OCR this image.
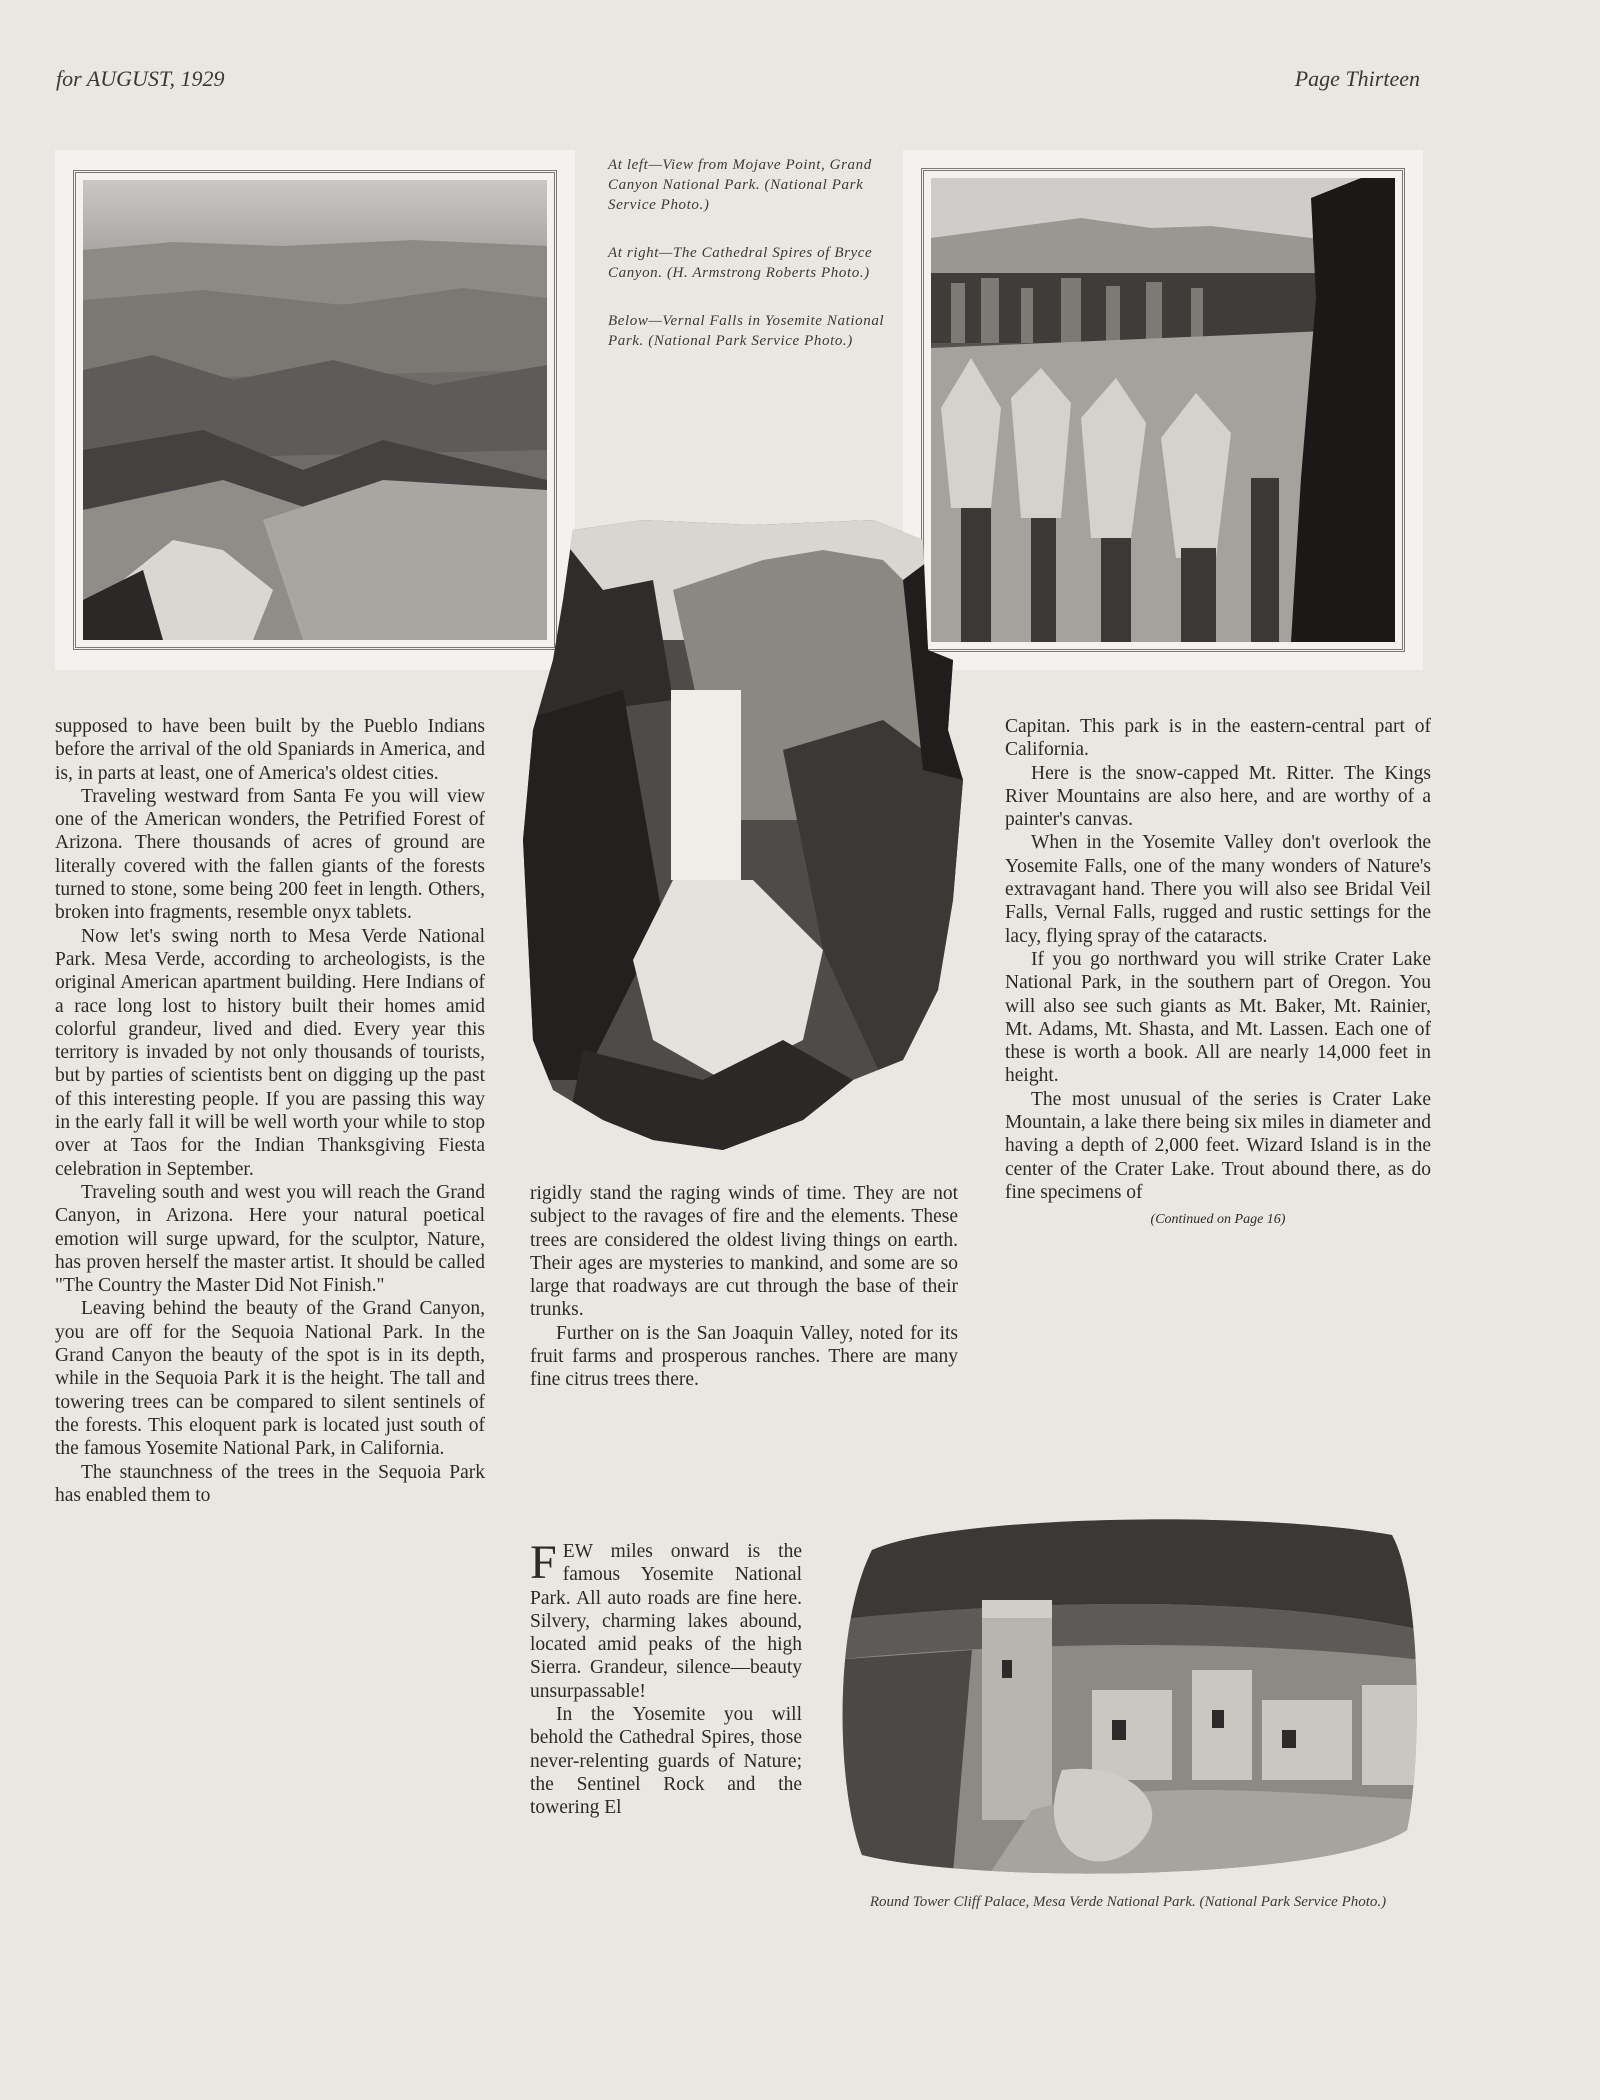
for AUGUST, 1929	Page Thirteen

At left—View from Mojave Point, Grand Canyon National Park. (National Park Service Photo.)

At right—The Cathedral Spires of Bryce Canyon. (H. Armstrong Roberts Photo.)

Below—Vernal Falls in Yosemite National Park. (National Park Service Photo.)

supposed to have been built by the Pueblo Indians before the arrival of the old Spaniards in America, and is, in parts at least, one of America's oldest cities.

Traveling westward from Santa Fe you will view one of the American wonders, the Petrified Forest of Arizona. There thousands of acres of ground are literally covered with the fallen giants of the forests turned to stone, some being 200 feet in length. Others, broken into fragments, resemble onyx tablets.

Now let's swing north to Mesa Verde National Park. Mesa Verde, according to archeologists, is the original American apartment building. Here Indians of a race long lost to history built their homes amid colorful grandeur, lived and died. Every year this territory is invaded by not only thousands of tourists, but by parties of scientists bent on digging up the past of this interesting people. If you are passing this way in the early fall it will be well worth your while to stop over at Taos for the Indian Thanksgiving Fiesta celebration in September.

Traveling south and west you will reach the Grand Canyon, in Arizona. Here your natural poetical emotion will surge upward, for the sculptor, Nature, has proven herself the master artist. It should be called "The Country the Master Did Not Finish."

Leaving behind the beauty of the Grand Canyon, you are off for the Sequoia National Park. In the Grand Canyon the beauty of the spot is in its depth, while in the Sequoia Park it is the height. The tall and towering trees can be compared to silent sentinels of the forests. This eloquent park is located just south of the famous Yosemite National Park, in California.

The staunchness of the trees in the Sequoia Park has enabled them to

rigidly stand the raging winds of time. They are not subject to the ravages of fire and the elements. These trees are considered the oldest living things on earth. Their ages are mysteries to mankind, and some are so large that roadways are cut through the base of their trunks.

Further on is the San Joaquin Valley, noted for its fruit farms and prosperous ranches. There are many fine citrus trees there.

FEW miles onward is the famous Yosemite National Park. All auto roads are fine here. Silvery, charming lakes abound, located amid peaks of the high Sierra. Grandeur, silence—beauty unsurpassable!

In the Yosemite you will behold the Cathedral Spires, those never-relenting guards of Nature; the Sentinel Rock and the towering El

Capitan. This park is in the eastern-central part of California.

Here is the snow-capped Mt. Ritter. The Kings River Mountains are also here, and are worthy of a painter's canvas.

When in the Yosemite Valley don't overlook the Yosemite Falls, one of the many wonders of Nature's extravagant hand. There you will also see Bridal Veil Falls, Vernal Falls, rugged and rustic settings for the lacy, flying spray of the cataracts.

If you go northward you will strike Crater Lake National Park, in the southern part of Oregon. You will also see such giants as Mt. Baker, Mt. Rainier, Mt. Adams, Mt. Shasta, and Mt. Lassen. Each one of these is worth a book. All are nearly 14,000 feet in height.

The most unusual of the series is Crater Lake Mountain, a lake there being six miles in diameter and having a depth of 2,000 feet. Wizard Island is in the center of the Crater Lake. Trout abound there, as do fine specimens of

(Continued on Page 16)

Round Tower Cliff Palace, Mesa Verde National Park. (National Park Service Photo.)
